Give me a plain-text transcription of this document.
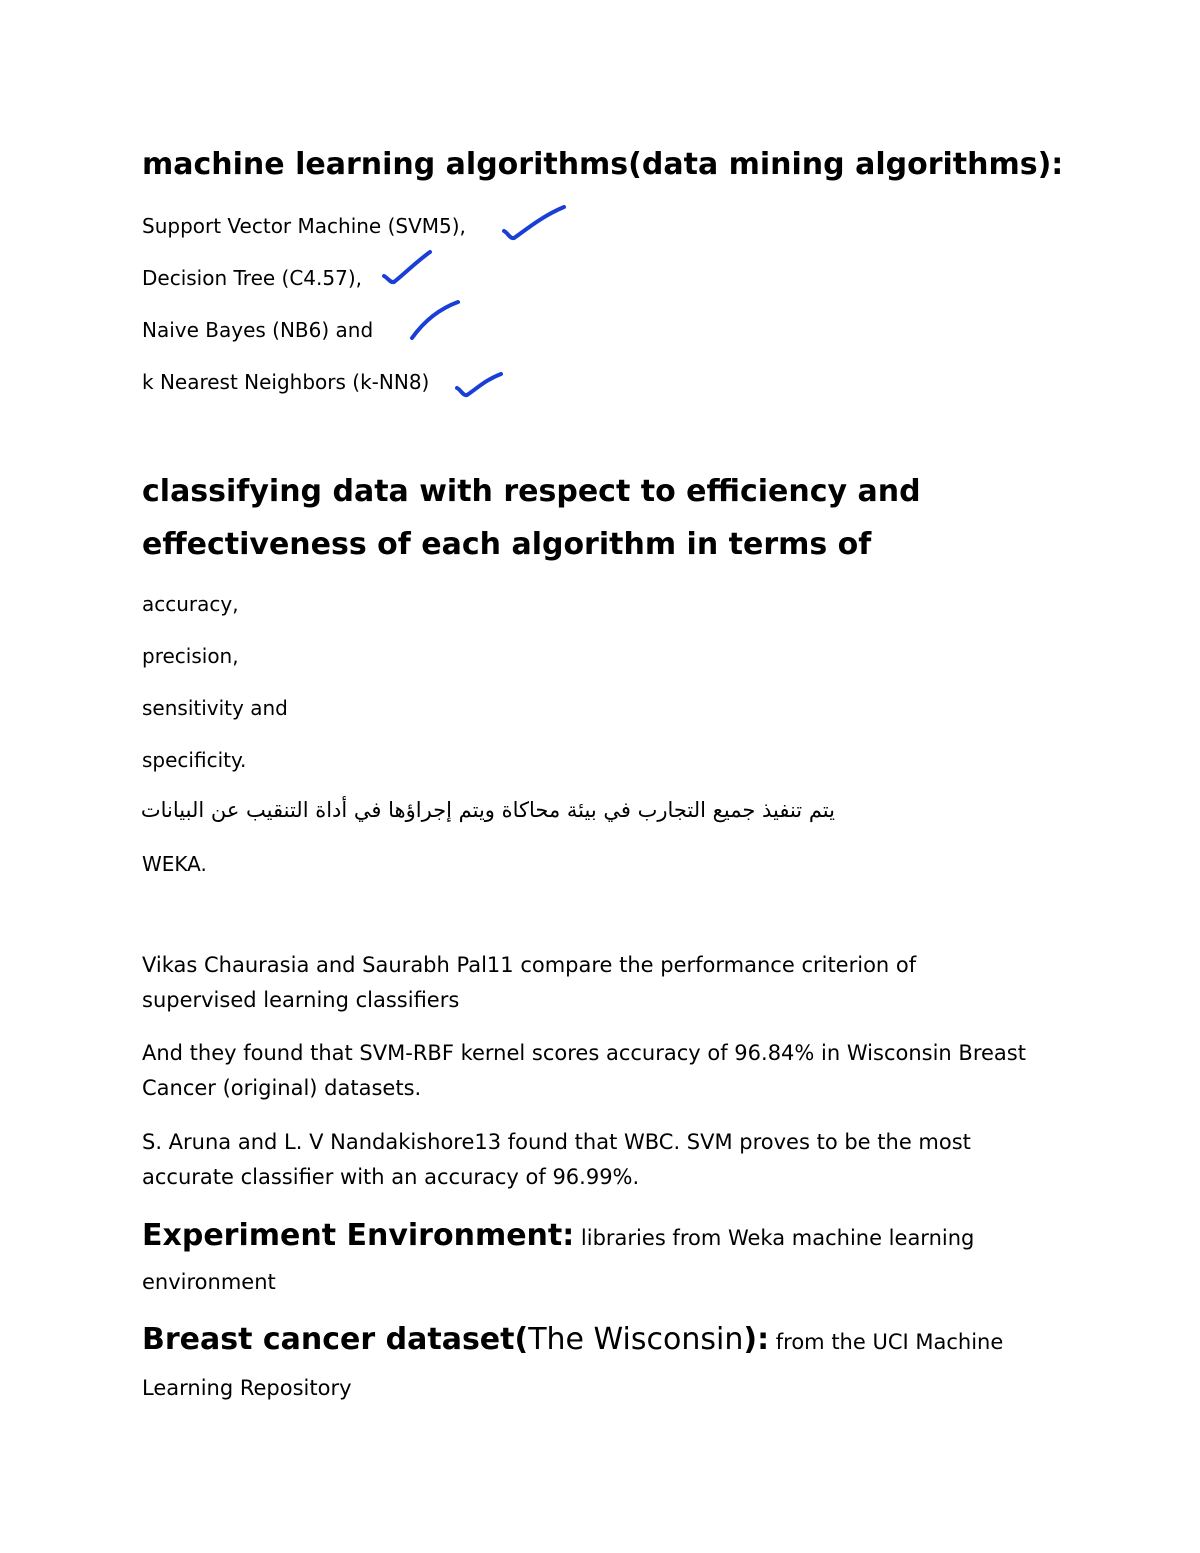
machine learning algorithms(data mining algorithms):
Support Vector Machine (SVM5),
Decision Tree (C4.57),
Naive Bayes (NB6) and
k Nearest Neighbors (k-NN8)
classifying data with respect to efficiency and
effectiveness of each algorithm in terms of
accuracy,
precision,
sensitivity and
specificity.
يتم تنفيذ جميع التجارب في بيئة محاكاة ويتم إجراؤها في أداة التنقيب عن البيانات
WEKA.
Vikas Chaurasia and Saurabh Pal11 compare the performance criterion of supervised learning classifiers
And they found that SVM-RBF kernel scores accuracy of 96.84% in Wisconsin Breast Cancer (original) datasets.
S. Aruna and L. V Nandakishore13 found that WBC. SVM proves to be the most accurate classifier with an accuracy of 96.99%.
Experiment Environment: libraries from Weka machine learning environment
Breast cancer dataset(The Wisconsin): from the UCI Machine Learning Repository
